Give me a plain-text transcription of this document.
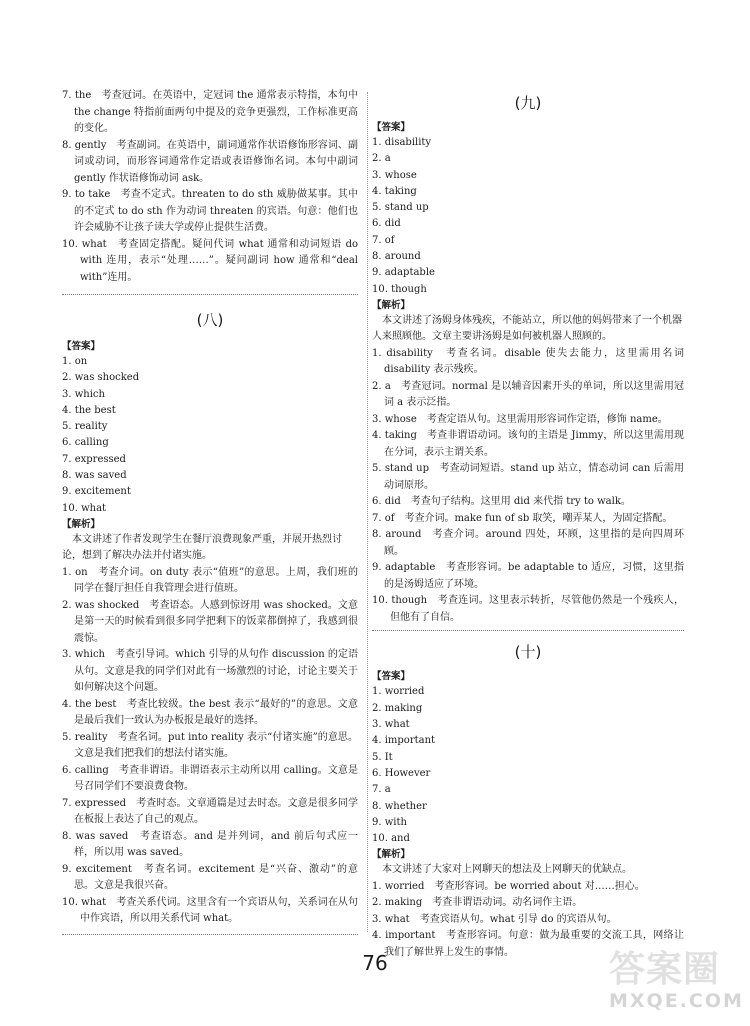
7. the　考查冠词。在英语中，定冠词 the 通常表示特指，本句中 the change 特指前面两句中提及的竞争更强烈，工作标准更高的变化。

8. gently　考查副词。在英语中，副词通常作状语修饰形容词、副词或动词，而形容词通常作定语或表语修饰名词。本句中副词 gently 作状语修饰动词 ask。

9. to take　考查不定式。threaten to do sth 威胁做某事。其中的不定式 to do sth 作为动词 threaten 的宾语。句意：他们也许会威胁不让孩子读大学或停止提供生活费。

10. what　考查固定搭配。疑问代词 what 通常和动词短语 do with 连用，表示“处理……”。疑问副词 how 通常和“deal with”连用。

(八)

【答案】

1. on

2. was shocked

3. which

4. the best

5. reality

6. calling

7. expressed

8. was saved

9. excitement

10. what

【解析】

本文讲述了作者发现学生在餐厅浪费现象严重，并展开热烈讨论，想到了解决办法并付诸实施。

1. on　考查介词。on duty 表示“值班”的意思。上周，我们班的同学在餐厅担任自我管理会进行值班。

2. was shocked　考查语态。人感到惊讶用 was shocked。文意是第一天的时候看到很多同学把剩下的饭菜都倒掉了，我感到很震惊。

3. which　考查引导词。which 引导的从句作 discussion 的定语从句。文意是我的同学们对此有一场激烈的讨论，讨论主要关于如何解决这个问题。

4. the best　考查比较级。the best 表示“最好的”的意思。文意是最后我们一致认为办板报是最好的选择。

5. reality　考查名词。put into reality 表示“付诸实施”的意思。文意是我们把我们的想法付诸实施。

6. calling　考查非谓语。非谓语表示主动所以用 calling。文意是号召同学们不要浪费食物。

7. expressed　考查时态。文章通篇是过去时态。文意是很多同学在板报上表达了自己的观点。

8. was saved　考查语态。and 是并列词，and 前后句式应一样，所以用 was saved。

9. excitement　考查名词。excitement 是“兴奋、激动”的意思。文意是我很兴奋。

10. what　考查关系代词。这里含有一个宾语从句，关系词在从句中作宾语，所以用关系代词 what。

(九)

【答案】

1. disability

2. a

3. whose

4. taking

5. stand up

6. did

7. of

8. around

9. adaptable

10. though

【解析】

本文讲述了汤姆身体残疾，不能站立，所以他的妈妈带来了一个机器人来照顾他。文章主要讲汤姆是如何被机器人照顾的。

1. disability　考查名词。disable 使失去能力，这里需用名词 disability 表示残疾。

2. a　考查冠词。normal 是以辅音因素开头的单词，所以这里需用冠词 a 表示泛指。

3. whose　考查定语从句。这里需用形容词作定语，修饰 name。

4. taking　考查非谓语动词。该句的主语是 Jimmy，所以这里需用现在分词，表示主谓关系。

5. stand up　考查动词短语。stand up 站立，情态动词 can 后需用动词原形。

6. did　考查句子结构。这里用 did 来代指 try to walk。

7. of　考查介词。make fun of sb 取笑，嘲弄某人，为固定搭配。

8. around　考查介词。around 四处，环顾，这里指的是向四周环顾。

9. adaptable　考查形容词。be adaptable to 适应，习惯，这里指的是汤姆适应了环境。

10. though　考查连词。这里表示转折，尽管他仍然是一个残疾人，但他有了自信。

(十)

【答案】

1. worried

2. making

3. what

4. important

5. It

6. However

7. a

8. whether

9. with

10. and

【解析】

本文讲述了大家对上网聊天的想法及上网聊天的优缺点。

1. worried　考查形容词。be worried about 对……担心。

2. making　考查非谓语动词。动名词作主语。

3. what　考查宾语从句。what 引导 do 的宾语从句。

4. important　考查形容词。句意：做为最重要的交流工具，网络让我们了解世界上发生的事情。

76	答案圈
MXQE.COM
